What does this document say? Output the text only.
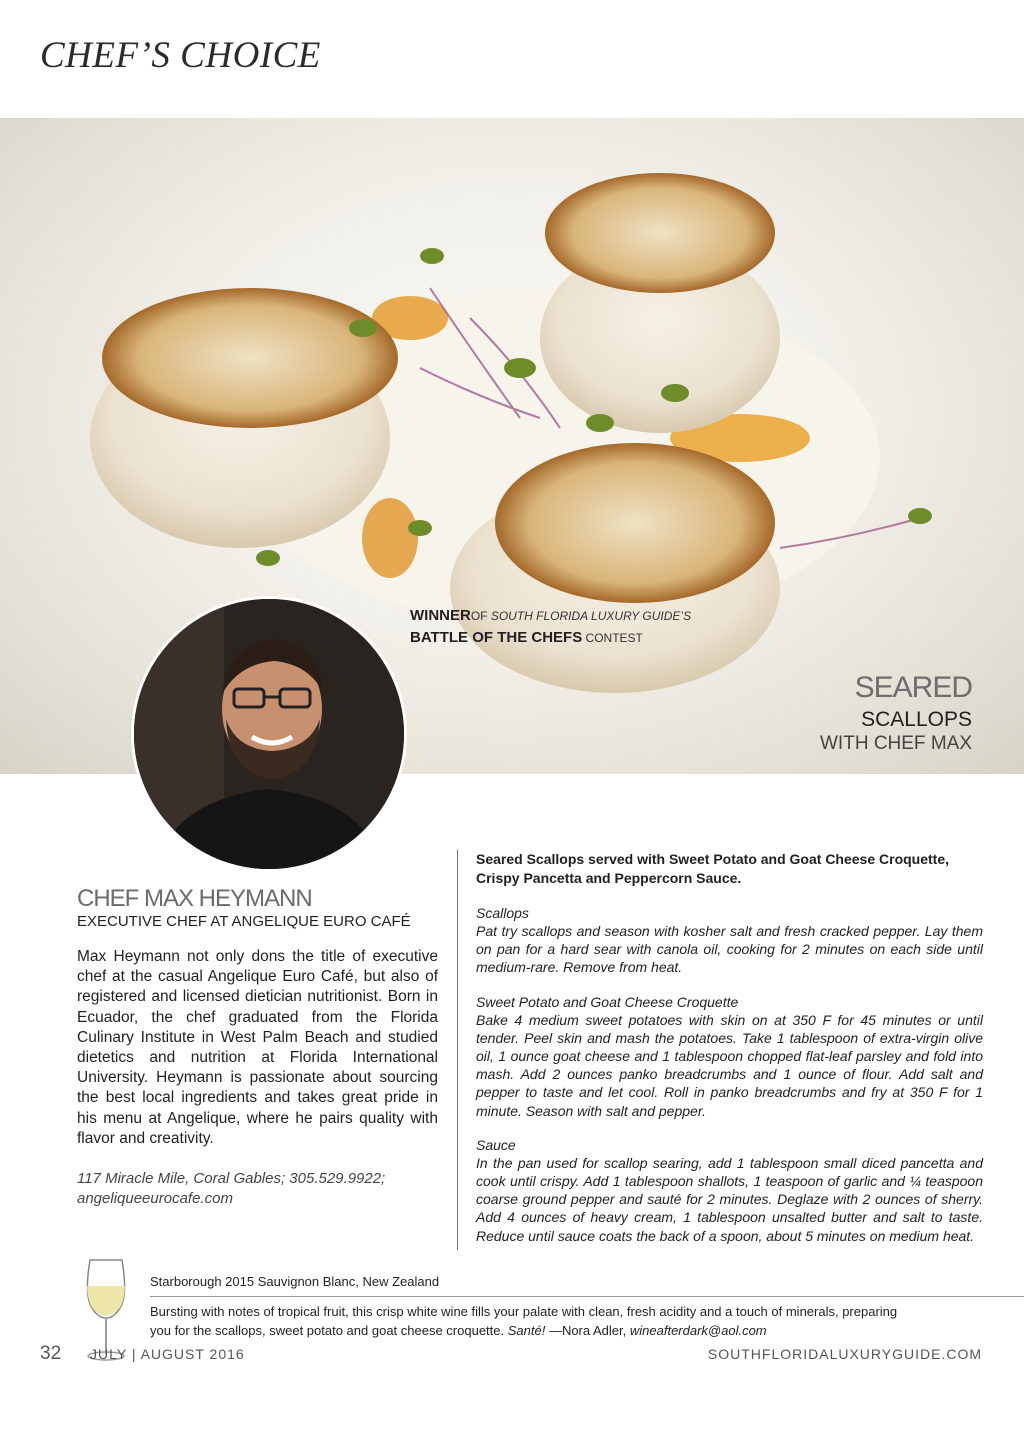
CHEF’S CHOICE
SEARED
SCALLOPS
WITH CHEF MAX
WINNEROF SOUTH FLORIDA LUXURY GUIDE’S
BATTLE OF THE CHEFS CONTEST
CHEF MAX HEYMANN
EXECUTIVE CHEF AT ANGELIQUE EURO CAFÉ
Max Heymann not only dons the title of executive chef at the casual Angelique Euro Café, but also of registered and licensed dietician nutritionist. Born in Ecuador, the chef graduated from the Florida Culinary Institute in West Palm Beach and studied dietetics and nutrition at Florida International University. Heymann is passionate about sourcing the best local ingredients and takes great pride in his menu at Angelique, where he pairs quality with flavor and creativity.
117 Miracle Mile, Coral Gables; 305.529.9922;
angeliqueeurocafe.com
Seared Scallops served with Sweet Potato and Goat Cheese Croquette, Crispy Pancetta and Peppercorn Sauce.
Scallops

Pat try scallops and season with kosher salt and fresh cracked pepper. Lay them on pan for a hard sear with canola oil, cooking for 2 minutes on each side until medium-rare. Remove from heat.

Sweet Potato and Goat Cheese Croquette

Bake 4 medium sweet potatoes with skin on at 350 F for 45 minutes or until tender. Peel skin and mash the potatoes. Take 1 tablespoon of extra-virgin olive oil, 1 ounce goat cheese and 1 tablespoon chopped flat-leaf parsley and fold into mash. Add 2 ounces panko breadcrumbs and 1 ounce of flour. Add salt and pepper to taste and let cool. Roll in panko breadcrumbs and fry at 350 F for 1 minute. Season with salt and pepper.

Sauce

In the pan used for scallop searing, add 1 tablespoon small diced pancetta and cook until crispy. Add 1 tablespoon shallots, 1 teaspoon of garlic and ¼ teaspoon coarse ground pepper and sauté for 2 minutes. Deglaze with 2 ounces of sherry. Add 4 ounces of heavy cream, 1 tablespoon unsalted butter and salt to taste. Reduce until sauce coats the back of a spoon, about 5 minutes on medium heat.

Starborough 2015 Sauvignon Blanc, New Zealand
Bursting with notes of tropical fruit, this crisp white wine fills your palate with clean, fresh acidity and a touch of minerals, preparing you for the scallops, sweet potato and goat cheese croquette. Santé! —Nora Adler, wineafterdark@aol.com
32 JULY | AUGUST 2016	SOUTHFLORIDALUXURYGUIDE.COM
